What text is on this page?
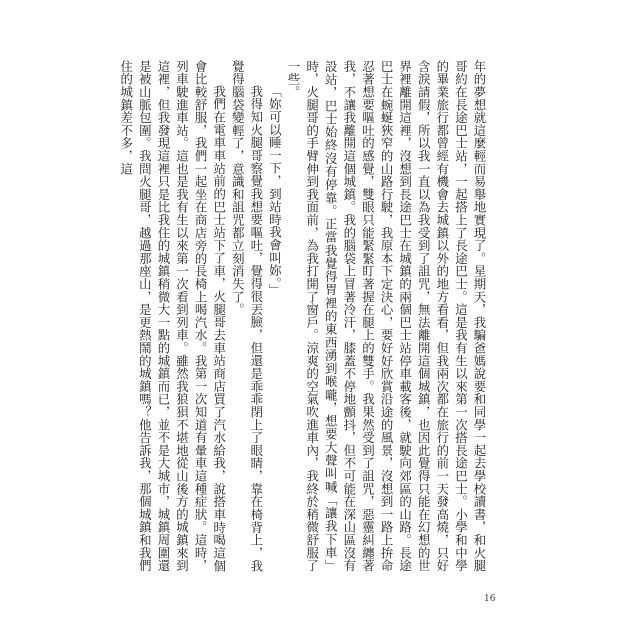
年的夢想就這麼輕而易舉地實現了。星期天，我騙爸媽說要和同學一起去學校讀書，和火腿哥約在長途巴士站，一起搭上了長途巴士。這是我有生以來第一次搭長途巴士。小學和中學的畢業旅行都曾經有機會去城鎮以外的地方看看，但我兩次都在旅行的前一天發高燒，只好含淚請假，所以我一直以為我受到了詛咒，無法離開這個城鎮，也因此覺得只能在幻想的世界裡離開這裡，沒想到長途巴士在城鎮的兩個巴士站停車載客後，就駛向郊區的山路。長途巴士在蜿蜒狹窄的山路行駛，我原本下定決心，要好好欣賞沿途的風景，沒想到一路上拚命忍著想要嘔吐的感覺，雙眼只能緊緊盯著握在腿上的雙手。我果然受到了詛咒，惡靈糾纏著我，不讓我離開這個城鎮。我的腦袋上冒著冷汗，膝蓋不停地顫抖，但不可能在深山區沒有設站，巴士始終沒有停靠。正當我覺得胃裡的東西湧到喉嚨，想要大聲叫喊「讓我下車」時，火腿哥的手臂伸到我面前，為我打開了窗戶。涼爽的空氣吹進車內，我終於稍微舒服了一些。

「妳可以睡一下，到站時我會叫妳。」

我得知火腿哥察覺我想要嘔吐，覺得很丟臉，但還是乖乖閉上了眼睛，靠在椅背上，我覺得腦袋變輕了，意識和詛咒都立刻消失了。

我們在電車車站前的巴士站下了車，火腿哥去車站商店買了汽水給我，說搭車時喝這個會比較舒服，我們一起坐在商店旁的長椅上喝汽水。我第一次知道有暈車這種症狀。這時，列車駛進車站。這也是我有生以來第一次看到列車。雖然我狼狽不堪地從山後方的城鎮來到這裡，但我發現這裡只是比我住的城鎮稍微大一點的城鎮而已，並不是大城市，城鎮周圍還是被山脈包圍。我問火腿哥，越過那座山，是更熱鬧的城鎮嗎？他告訴我，那個城鎮和我們住的城鎮差不多，這

16
